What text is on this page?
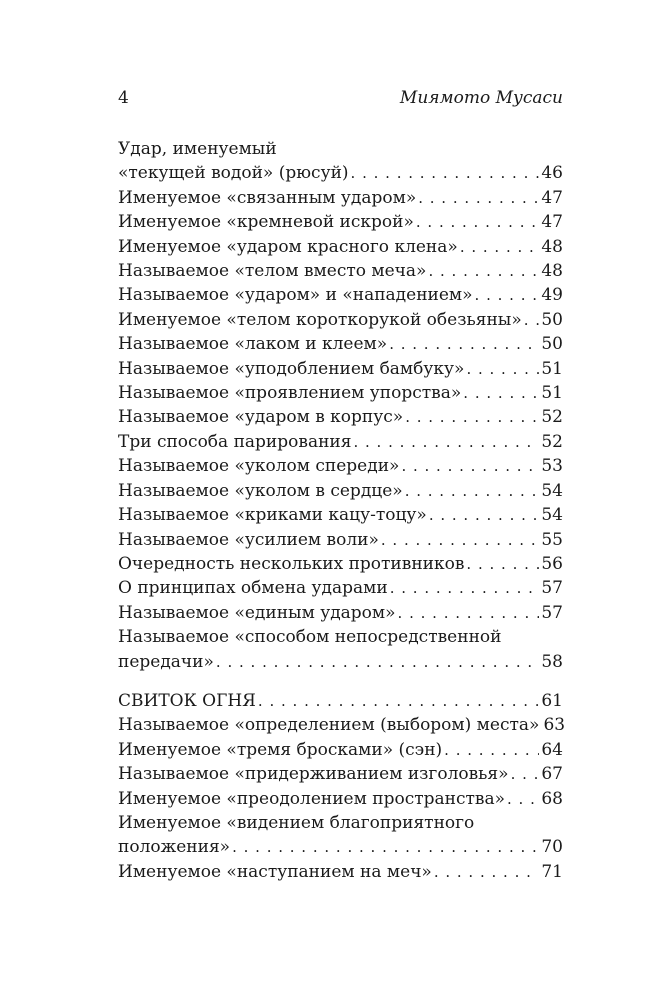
4	Миямото Мусаси
Удар, именуемый
«текущей водой» (рюсуй) . . .	46
Именуемое «связанным ударом» . . .	47
Именуемое «кремневой искрой» . . .	47
Именуемое «ударом красного клена» . . .	48
Называемое «телом вместо меча» . . .	48
Называемое «ударом» и «нападением» . . .	49
Именуемое «телом короткорукой обезьяны» . . . 50
Называемое «лаком и клеем» . . .	50
Называемое «уподоблением бамбуку» . . .	51
Называемое «проявлением упорства» . . .	51
Называемое «ударом в корпус» . . .	52
Три способа парирования . . .	52
Называемое «уколом спереди» . . .	53
Называемое «уколом в сердце» . . .	54
Называемое «криками кацу-тоцу» . . .	54
Называемое «усилием воли» . . .	55
Очередность нескольких противников . . .	56
О принципах обмена ударами . . .	57
Называемое «единым ударом» . . .	57
Называемое «способом непосредственной
передачи» . . .	58
СВИТОК ОГНЯ . . .	61
Называемое «определением (выбором) места» 63
Именуемое «тремя бросками» (сэн) . . .	64
Называемое «придерживанием изголовья» . . . 67
Именуемое «преодолением пространства» . . . 68
Именуемое «видением благоприятного
положения» . . .	70
Именуемое «наступанием на меч» . . .	71
